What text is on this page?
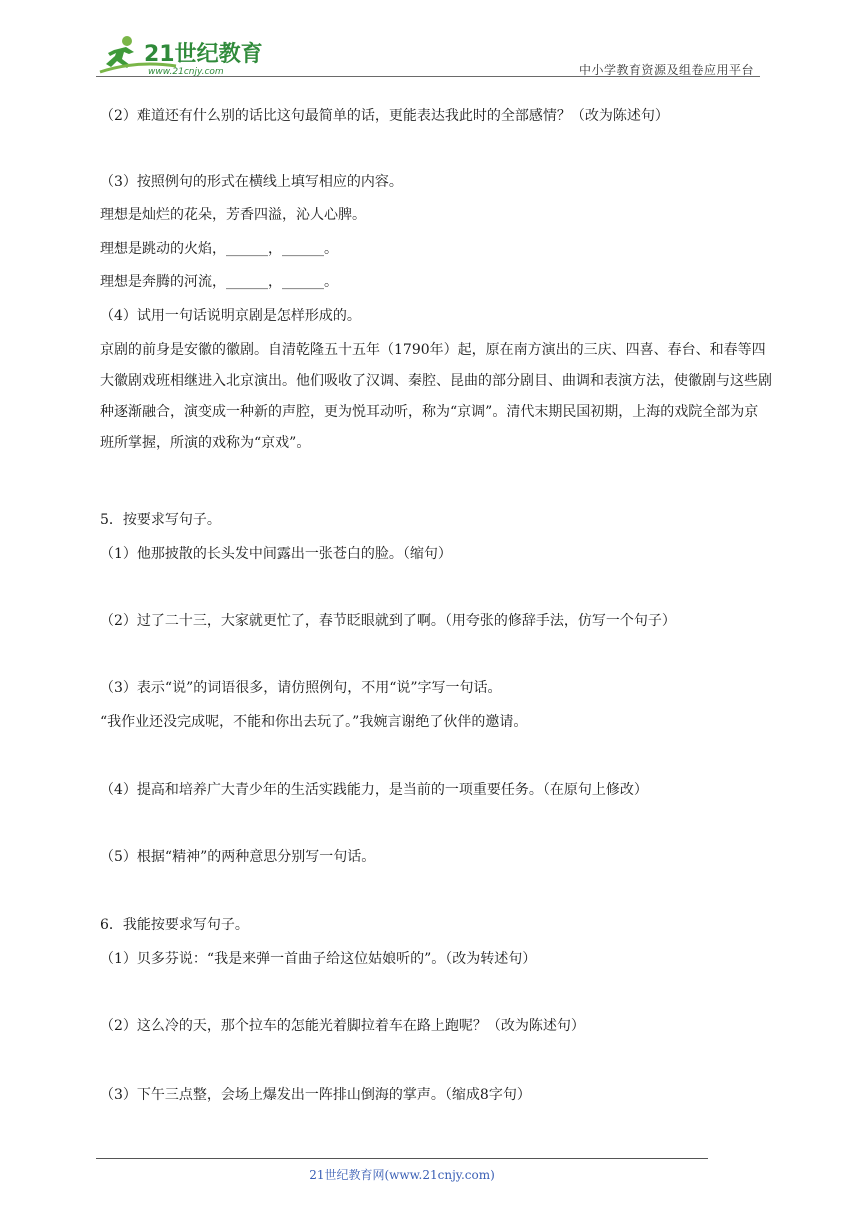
21世纪教育
www.21cnjy.com	中小学教育资源及组卷应用平台
（2）难道还有什么别的话比这句最简单的话，更能表达我此时的全部感情？（改为陈述句）
（3）按照例句的形式在横线上填写相应的内容。
理想是灿烂的花朵，芳香四溢，沁人心脾。
理想是跳动的火焰，______，______。
理想是奔腾的河流，______，______。
（4）试用一句话说明京剧是怎样形成的。
京剧的前身是安徽的徽剧。自清乾隆五十五年（1790年）起，原在南方演出的三庆、四喜、春台、和春等四大徽剧戏班相继进入北京演出。他们吸收了汉调、秦腔、昆曲的部分剧目、曲调和表演方法，使徽剧与这些剧种逐渐融合，演变成一种新的声腔，更为悦耳动听，称为“京调”。清代末期民国初期，上海的戏院全部为京班所掌握，所演的戏称为“京戏”。
5．按要求写句子。
（1）他那披散的长头发中间露出一张苍白的脸。（缩句）
（2）过了二十三，大家就更忙了，春节眨眼就到了啊。（用夸张的修辞手法，仿写一个句子）
（3）表示“说”的词语很多，请仿照例句，不用“说”字写一句话。
“我作业还没完成呢，不能和你出去玩了。”我婉言谢绝了伙伴的邀请。
（4）提高和培养广大青少年的生活实践能力，是当前的一项重要任务。（在原句上修改）
（5）根据“精神”的两种意思分别写一句话。
6．我能按要求写句子。
（1）贝多芬说：“我是来弹一首曲子给这位姑娘听的”。（改为转述句）
（2）这么冷的天，那个拉车的怎能光着脚拉着车在路上跑呢？（改为陈述句）
（3）下午三点整，会场上爆发出一阵排山倒海的掌声。（缩成8字句）
21世纪教育网(www.21cnjy.com)
